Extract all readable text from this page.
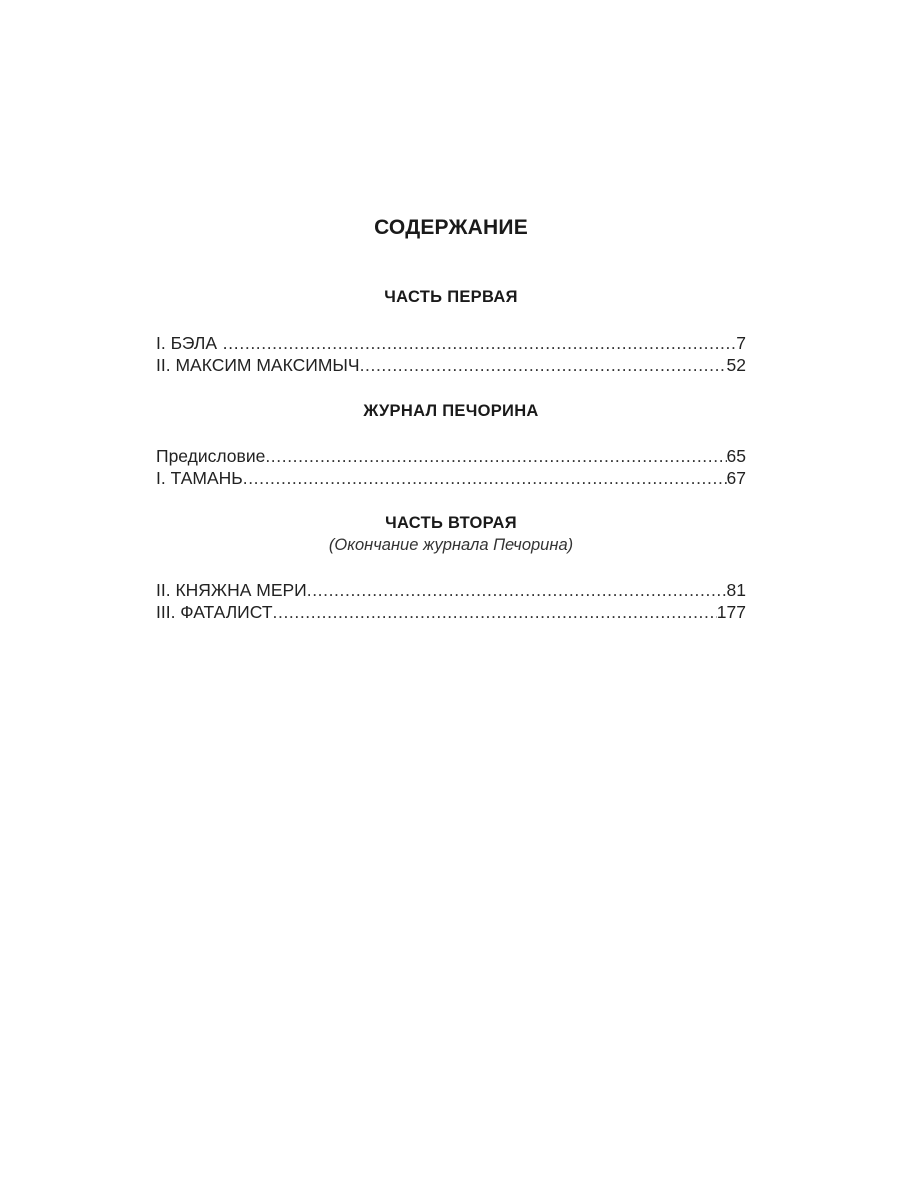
СОДЕРЖАНИЕ
ЧАСТЬ ПЕРВАЯ
I. БЭЛА … .....	7
II. МАКСИМ МАКСИМЫЧ .....	52
ЖУРНАЛ ПЕЧОРИНА
Предисловие .....	65
I. ТАМАНЬ .....	67
ЧАСТЬ ВТОРАЯ
(Окончание журнала Печорина)
II. КНЯЖНА МЕРИ .....	81
III. ФАТАЛИСТ .....	177
